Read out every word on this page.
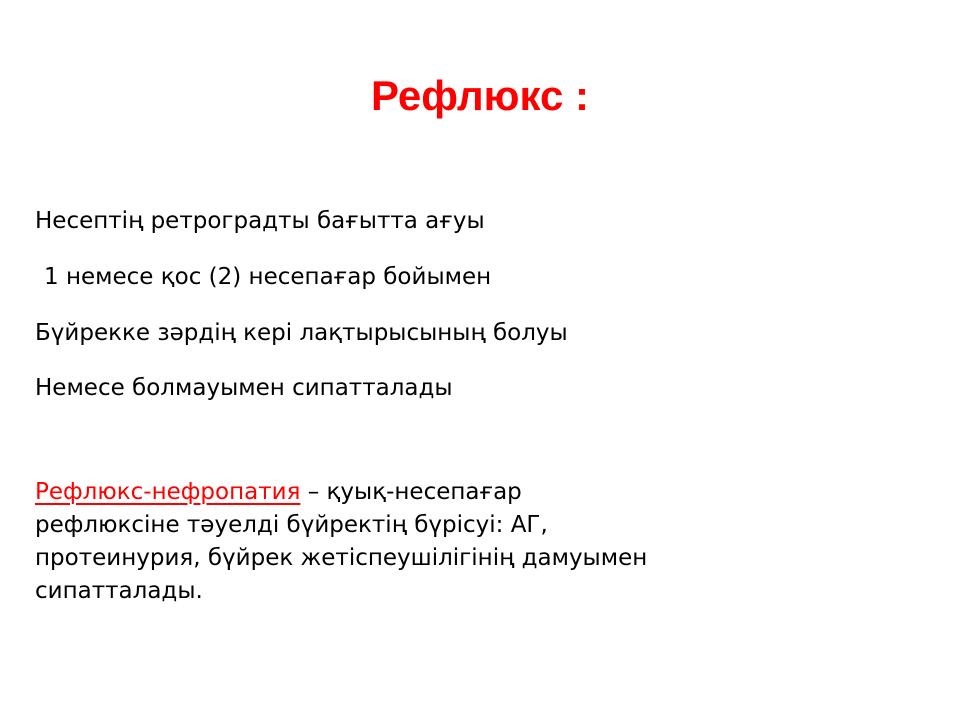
Рефлюкс :

Несептің ретроградты бағытта ағуы

1 немесе қос (2) несепағар бойымен

Бүйрекке зәрдің кері лақтырысының болуы

Немесе болмауымен сипатталады

Рефлюкс-нефропатия – қуық-несепағар
рефлюксіне тәуелді бүйректің бүрісуі: АГ,
протеинурия, бүйрек жетіспеушілігінің дамуымен
сипатталады.
